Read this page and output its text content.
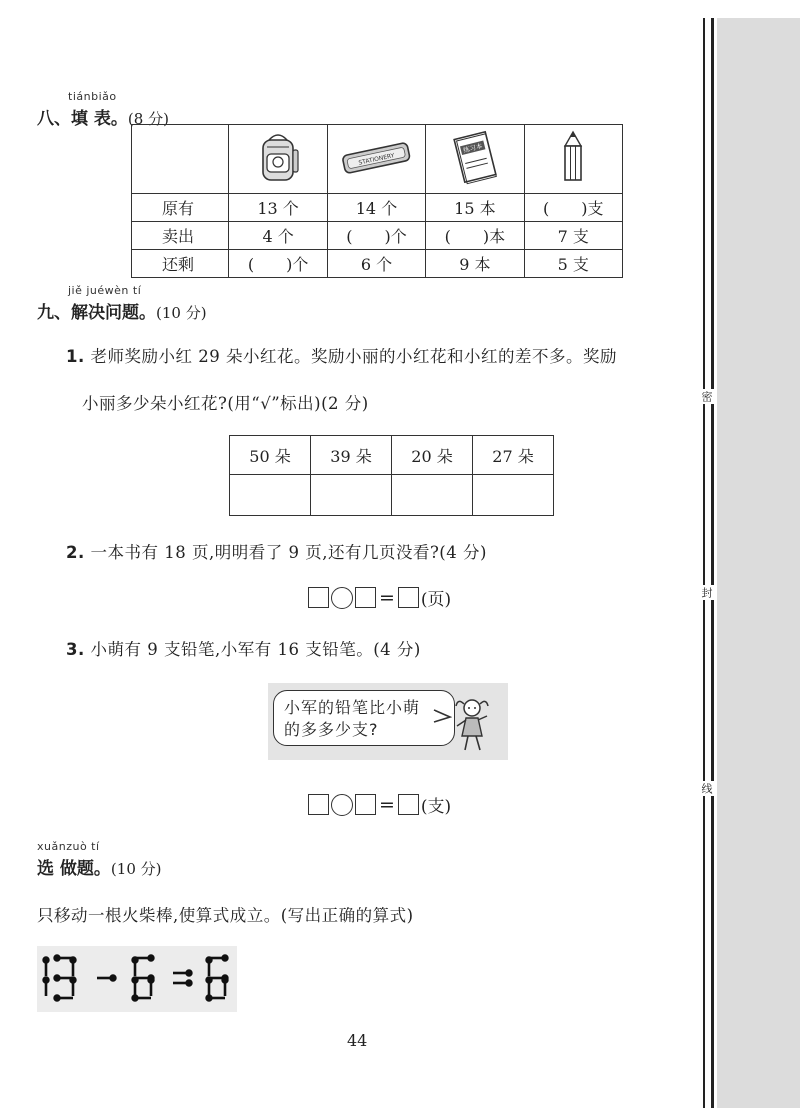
tiánbiǎo
八、填 表。(8 分)

STATIONERY	练习本

原有	13 个	14 个	15 本	(　　)支
卖出	4 个	(　　)个	(　　)本	7 支
还剩	(　　)个	6 个	9 本	5 支
jiě juéwèn tí
九、解决问题。(10 分)
1. 老师奖励小红 29 朵小红花。奖励小丽的小红花和小红的差不多。奖励
小丽多少朵小红花?(用“√”标出)(2 分)
50 朵	39 朵	20 朵	27 朵

2. 一本书有 18 页,明明看了 9 页,还有几页没看?(4 分)
= (页)
3. 小萌有 9 支铅笔,小军有 16 支铅笔。(4 分)
小军的铅笔比小萌
的多多少支?
= (支)
xuǎnzuò tí
选 做题。(10 分)
只移动一根火柴棒,使算式成立。(写出正确的算式)
44
密
封
线
